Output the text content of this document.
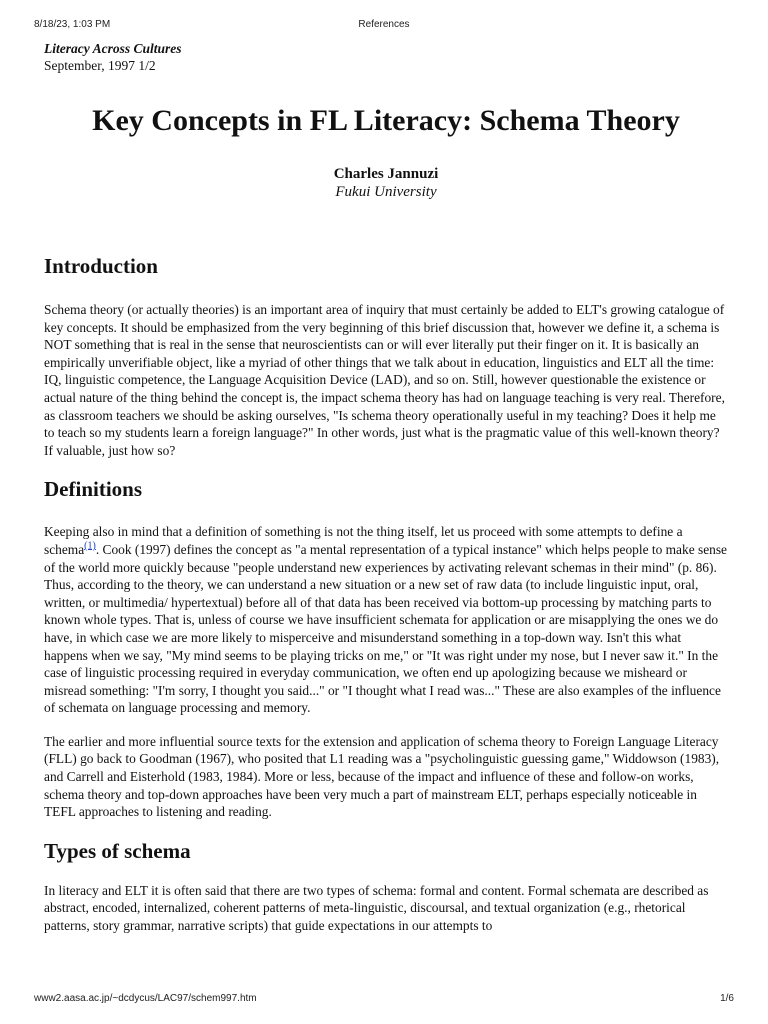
8/18/23, 1:03 PM	References
Literacy Across Cultures
September, 1997 1/2
Key Concepts in FL Literacy: Schema Theory
Charles Jannuzi
Fukui University
Introduction

Schema theory (or actually theories) is an important area of inquiry that must certainly be added to ELT's growing catalogue of key concepts. It should be emphasized from the very beginning of this brief discussion that, however we define it, a schema is NOT something that is real in the sense that neuroscientists can or will ever literally put their finger on it. It is basically an empirically unverifiable object, like a myriad of other things that we talk about in education, linguistics and ELT all the time: IQ, linguistic competence, the Language Acquisition Device (LAD), and so on. Still, however questionable the existence or actual nature of the thing behind the concept is, the impact schema theory has had on language teaching is very real. Therefore, as classroom teachers we should be asking ourselves, "Is schema theory operationally useful in my teaching? Does it help me to teach so my students learn a foreign language?" In other words, just what is the pragmatic value of this well-known theory? If valuable, just how so?

Definitions

Keeping also in mind that a definition of something is not the thing itself, let us proceed with some attempts to define a schema$^{(1)}$. Cook (1997) defines the concept as "a mental representation of a typical instance" which helps people to make sense of the world more quickly because "people understand new experiences by activating relevant schemas in their mind" (p. 86). Thus, according to the theory, we can understand a new situation or a new set of raw data (to include linguistic input, oral, written, or multimedia/ hypertextual) before all of that data has been received via bottom-up processing by matching parts to known whole types. That is, unless of course we have insufficient schemata for application or are misapplying the ones we do have, in which case we are more likely to misperceive and misunderstand something in a top-down way. Isn't this what happens when we say, "My mind seems to be playing tricks on me," or "It was right under my nose, but I never saw it." In the case of linguistic processing required in everyday communication, we often end up apologizing because we misheard or misread something: "I'm sorry, I thought you said..." or "I thought what I read was..." These are also examples of the influence of schemata on language processing and memory.

The earlier and more influential source texts for the extension and application of schema theory to Foreign Language Literacy (FLL) go back to Goodman (1967), who posited that L1 reading was a "psycholinguistic guessing game," Widdowson (1983), and Carrell and Eisterhold (1983, 1984). More or less, because of the impact and influence of these and follow-on works, schema theory and top-down approaches have been very much a part of mainstream ELT, perhaps especially noticeable in TEFL approaches to listening and reading.

Types of schema

In literacy and ELT it is often said that there are two types of schema: formal and content. Formal schemata are described as abstract, encoded, internalized, coherent patterns of meta-linguistic, discoursal, and textual organization (e.g., rhetorical patterns, story grammar, narrative scripts) that guide expectations in our attempts to

www2.aasa.ac.jp/~dcdycus/LAC97/schem997.htm	1/6
